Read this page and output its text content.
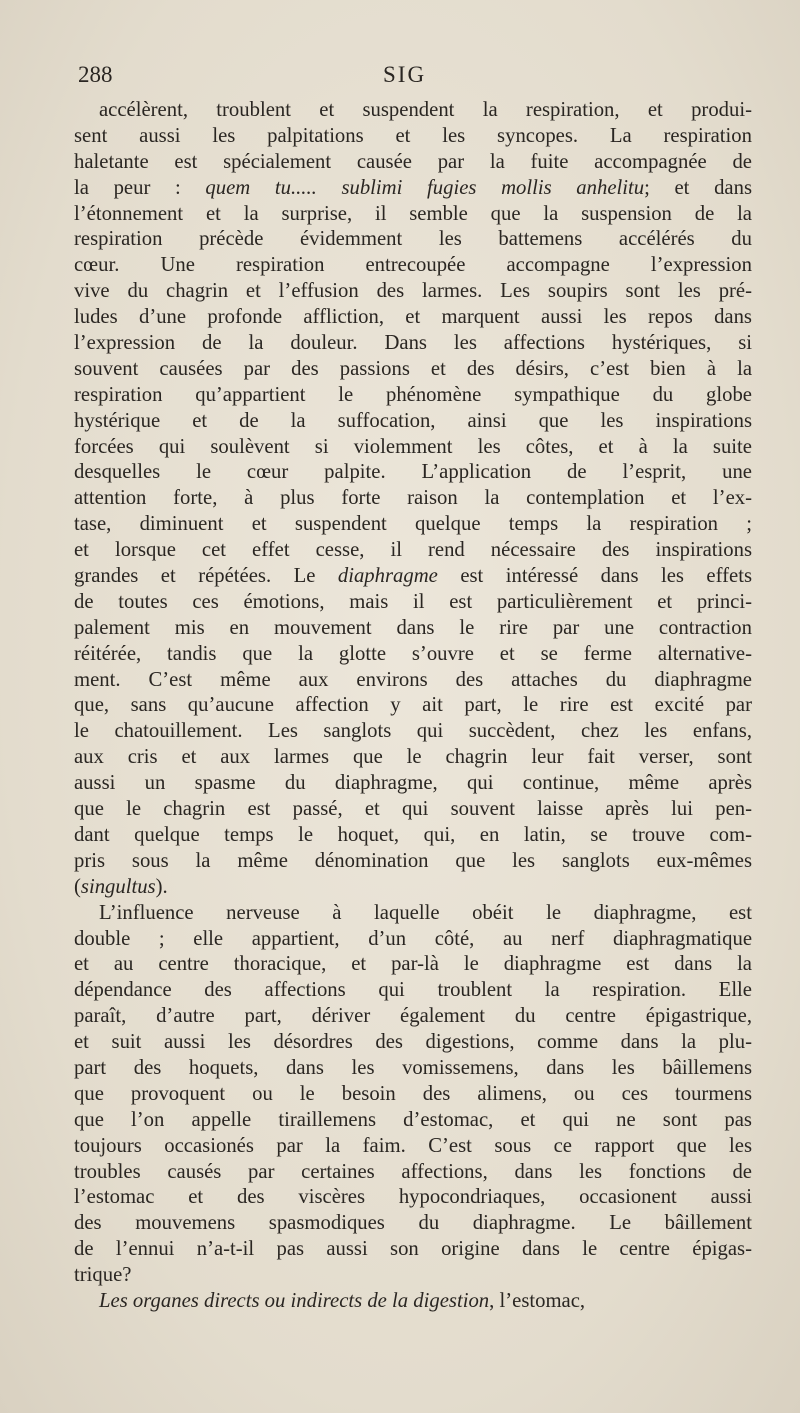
288	SIG
accélèrent, troublent et suspendent la respiration, et produi-
sent aussi les palpitations et les syncopes. La respiration
haletante est spécialement causée par la fuite accompagnée de
la peur : quem tu..... sublimi fugies mollis anhelitu; et dans
l’étonnement et la surprise, il semble que la suspension de la
respiration précède évidemment les battemens accélérés du
cœur. Une respiration entrecoupée accompagne l’expression
vive du chagrin et l’effusion des larmes. Les soupirs sont les pré-
ludes d’une profonde affliction, et marquent aussi les repos dans
l’expression de la douleur. Dans les affections hystériques, si
souvent causées par des passions et des désirs, c’est bien à la
respiration qu’appartient le phénomène sympathique du globe
hystérique et de la suffocation, ainsi que les inspirations
forcées qui soulèvent si violemment les côtes, et à la suite
desquelles le cœur palpite. L’application de l’esprit, une
attention forte, à plus forte raison la contemplation et l’ex-
tase, diminuent et suspendent quelque temps la respiration ;
et lorsque cet effet cesse, il rend nécessaire des inspirations
grandes et répétées. Le diaphragme est intéressé dans les effets
de toutes ces émotions, mais il est particulièrement et princi-
palement mis en mouvement dans le rire par une contraction
réitérée, tandis que la glotte s’ouvre et se ferme alternative-
ment. C’est même aux environs des attaches du diaphragme
que, sans qu’aucune affection y ait part, le rire est excité par
le chatouillement. Les sanglots qui succèdent, chez les enfans,
aux cris et aux larmes que le chagrin leur fait verser, sont
aussi un spasme du diaphragme, qui continue, même après
que le chagrin est passé, et qui souvent laisse après lui pen-
dant quelque temps le hoquet, qui, en latin, se trouve com-
pris sous la même dénomination que les sanglots eux-mêmes
(singultus).
L’influence nerveuse à laquelle obéit le diaphragme, est
double ; elle appartient, d’un côté, au nerf diaphragmatique
et au centre thoracique, et par-là le diaphragme est dans la
dépendance des affections qui troublent la respiration. Elle
paraît, d’autre part, dériver également du centre épigastrique,
et suit aussi les désordres des digestions, comme dans la plu-
part des hoquets, dans les vomissemens, dans les bâillemens
que provoquent ou le besoin des alimens, ou ces tourmens
que l’on appelle tiraillemens d’estomac, et qui ne sont pas
toujours occasionés par la faim. C’est sous ce rapport que les
troubles causés par certaines affections, dans les fonctions de
l’estomac et des viscères hypocondriaques, occasionent aussi
des mouvemens spasmodiques du diaphragme. Le bâillement
de l’ennui n’a-t-il pas aussi son origine dans le centre épigas-
trique?
Les organes directs ou indirects de la digestion, l’estomac,
